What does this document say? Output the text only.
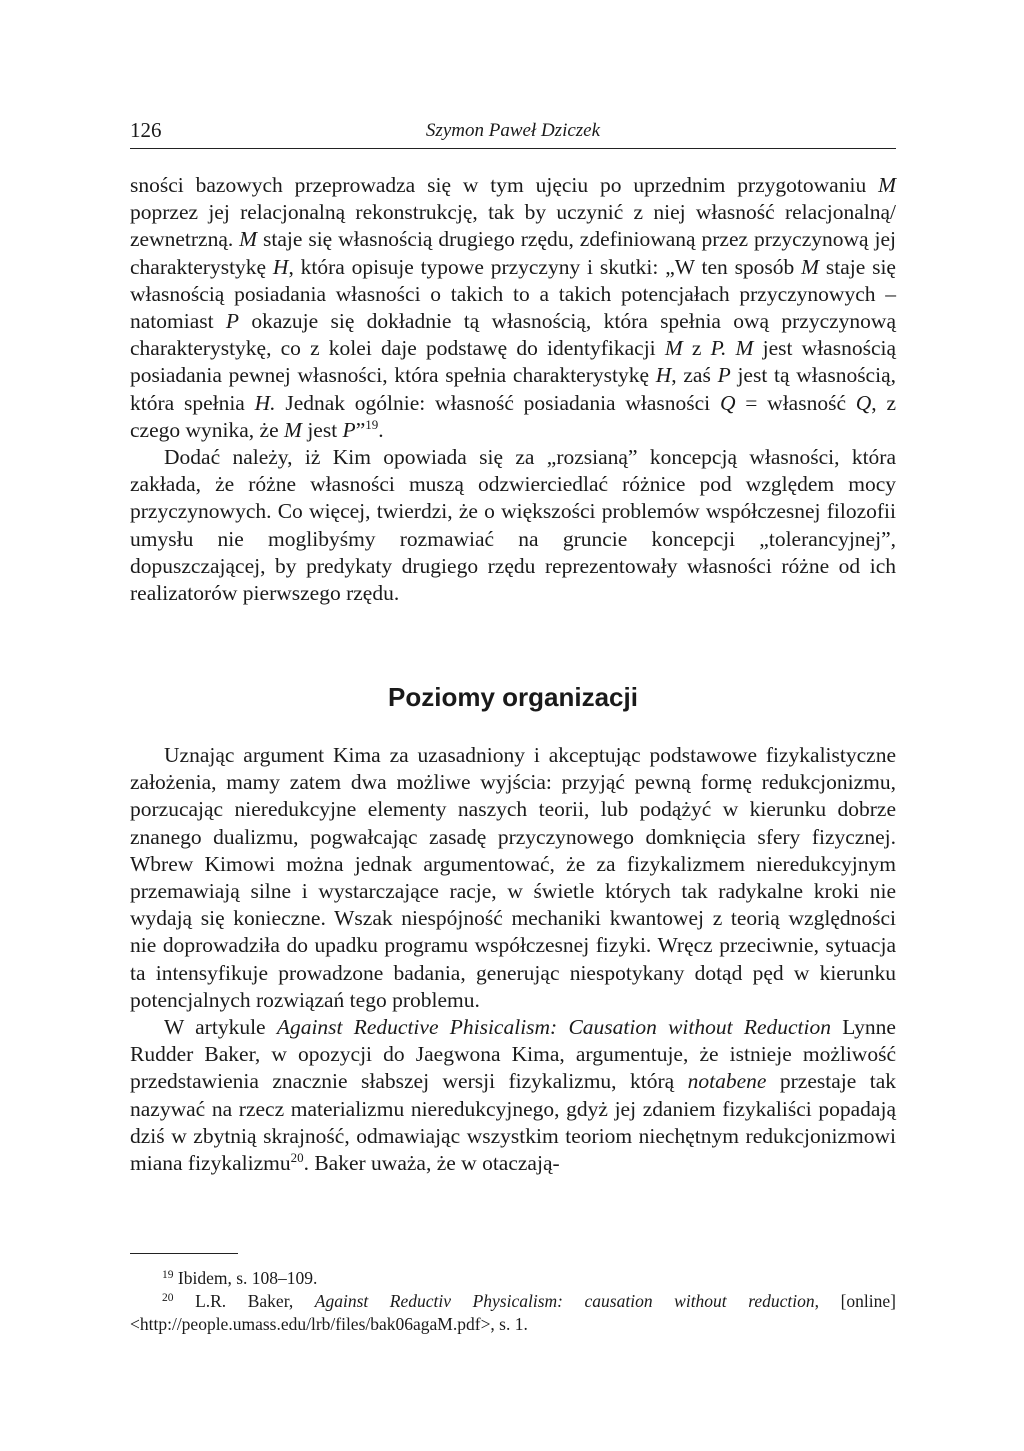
126	Szymon Paweł Dziczek

sności bazowych przeprowadza się w tym ujęciu po uprzednim przygotowaniu M poprzez jej relacjonalną rekonstrukcję, tak by uczynić z niej własność relacjonalną/ zewnetrzną. M staje się własnością drugiego rzędu, zdefiniowaną przez przyczynową jej charakterystykę H, która opisuje typowe przyczyny i skutki: „W ten sposób M staje się własnością posiadania własności o takich to a takich potencjałach przyczynowych – natomiast P okazuje się dokładnie tą własnością, która spełnia ową przyczynową charakterystykę, co z kolei daje podstawę do identyfikacji M z P. M jest własnością posiadania pewnej własności, która spełnia charakterystykę H, zaś P jest tą własnością, która spełnia H. Jednak ogólnie: własność posiadania własności Q = własność Q, z czego wynika, że M jest P”$^{19}$.

Dodać należy, iż Kim opowiada się za „rozsianą” koncepcją własności, która zakłada, że różne własności muszą odzwierciedlać różnice pod względem mocy przyczynowych. Co więcej, twierdzi, że o większości problemów współczesnej filozofii umysłu nie moglibyśmy rozmawiać na gruncie koncepcji „tolerancyjnej”, dopuszczającej, by predykaty drugiego rzędu reprezentowały własności różne od ich realizatorów pierwszego rzędu.

Poziomy organizacji

Uznając argument Kima za uzasadniony i akceptując podstawowe fizykalistyczne założenia, mamy zatem dwa możliwe wyjścia: przyjąć pewną formę redukcjonizmu, porzucając nieredukcyjne elementy naszych teorii, lub podążyć w kierunku dobrze znanego dualizmu, pogwałcając zasadę przyczynowego domknięcia sfery fizycznej. Wbrew Kimowi można jednak argumentować, że za fizykalizmem nieredukcyjnym przemawiają silne i wystarczające racje, w świetle których tak radykalne kroki nie wydają się konieczne. Wszak niespójność mechaniki kwantowej z teorią względności nie doprowadziła do upadku programu współczesnej fizyki. Wręcz przeciwnie, sytuacja ta intensyfikuje prowadzone badania, generując niespotykany dotąd pęd w kierunku potencjalnych rozwiązań tego problemu.

W artykule Against Reductive Phisicalism: Causation without Reduction Lynne Rudder Baker, w opozycji do Jaegwona Kima, argumentuje, że istnieje możliwość przedstawienia znacznie słabszej wersji fizykalizmu, którą notabene przestaje tak nazywać na rzecz materializmu nieredukcyjnego, gdyż jej zdaniem fizykaliści popadają dziś w zbytnią skrajność, odmawiając wszystkim teoriom niechętnym redukcjonizmowi miana fizykalizmu$^{20}$. Baker uważa, że w otaczają-

$^{19}$ Ibidem, s. 108–109.

$^{20}$ L.R. Baker, Against Reductiv Physicalism: causation without reduction, [online] <http://people.umass.edu/lrb/files/bak06agaM.pdf>, s. 1.
